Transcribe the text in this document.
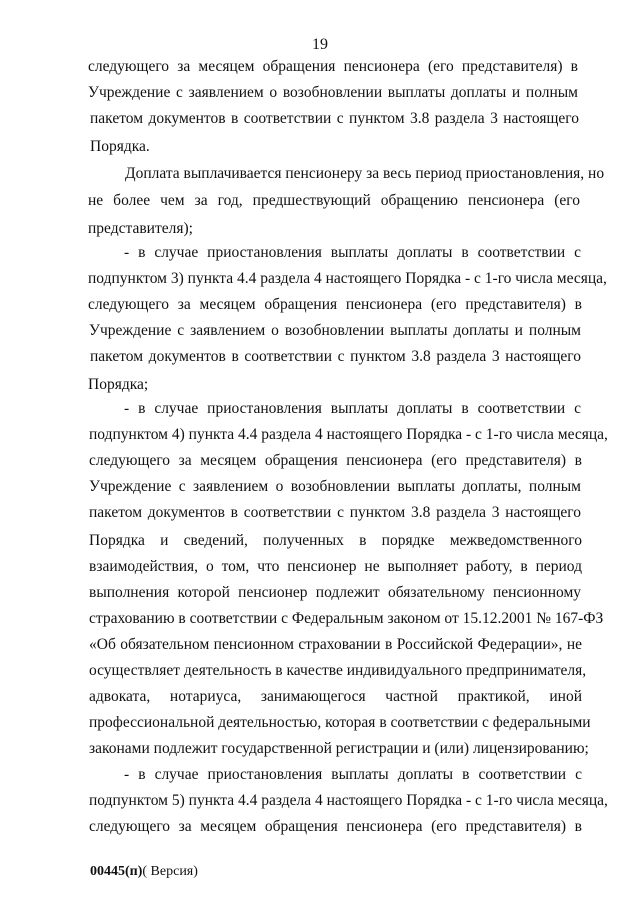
19
следующего за месяцем обращения пенсионера (его представителя) в
Учреждение с заявлением о возобновлении выплаты доплаты и полным
пакетом документов в соответствии с пунктом 3.8 раздела 3 настоящего
Порядка.
Доплата выплачивается пенсионеру за весь период приостановления, но
не более чем за год, предшествующий обращению пенсионера (его
представителя);
- в случае приостановления выплаты доплаты в соответствии с
подпунктом 3) пункта 4.4 раздела 4 настоящего Порядка - с 1-го числа месяца,
следующего за месяцем обращения пенсионера (его представителя) в
Учреждение с заявлением о возобновлении выплаты доплаты и полным
пакетом документов в соответствии с пунктом 3.8 раздела 3 настоящего
Порядка;
- в случае приостановления выплаты доплаты в соответствии с
подпунктом 4) пункта 4.4 раздела 4 настоящего Порядка - с 1-го числа месяца,
следующего за месяцем обращения пенсионера (его представителя) в
Учреждение с заявлением о возобновлении выплаты доплаты, полным
пакетом документов в соответствии с пунктом 3.8 раздела 3 настоящего
Порядка и сведений, полученных в порядке межведомственного
взаимодействия, о том, что пенсионер не выполняет работу, в период
выполнения которой пенсионер подлежит обязательному пенсионному
страхованию в соответствии с Федеральным законом от 15.12.2001 № 167-ФЗ
«Об обязательном пенсионном страховании в Российской Федерации», не
осуществляет деятельность в качестве индивидуального предпринимателя,
адвоката, нотариуса, занимающегося частной практикой, иной
профессиональной деятельностью, которая в соответствии с федеральными
законами подлежит государственной регистрации и (или) лицензированию;
- в случае приостановления выплаты доплаты в соответствии с
подпунктом 5) пункта 4.4 раздела 4 настоящего Порядка - с 1-го числа месяца,
следующего за месяцем обращения пенсионера (его представителя) в
00445(п)( Версия)
